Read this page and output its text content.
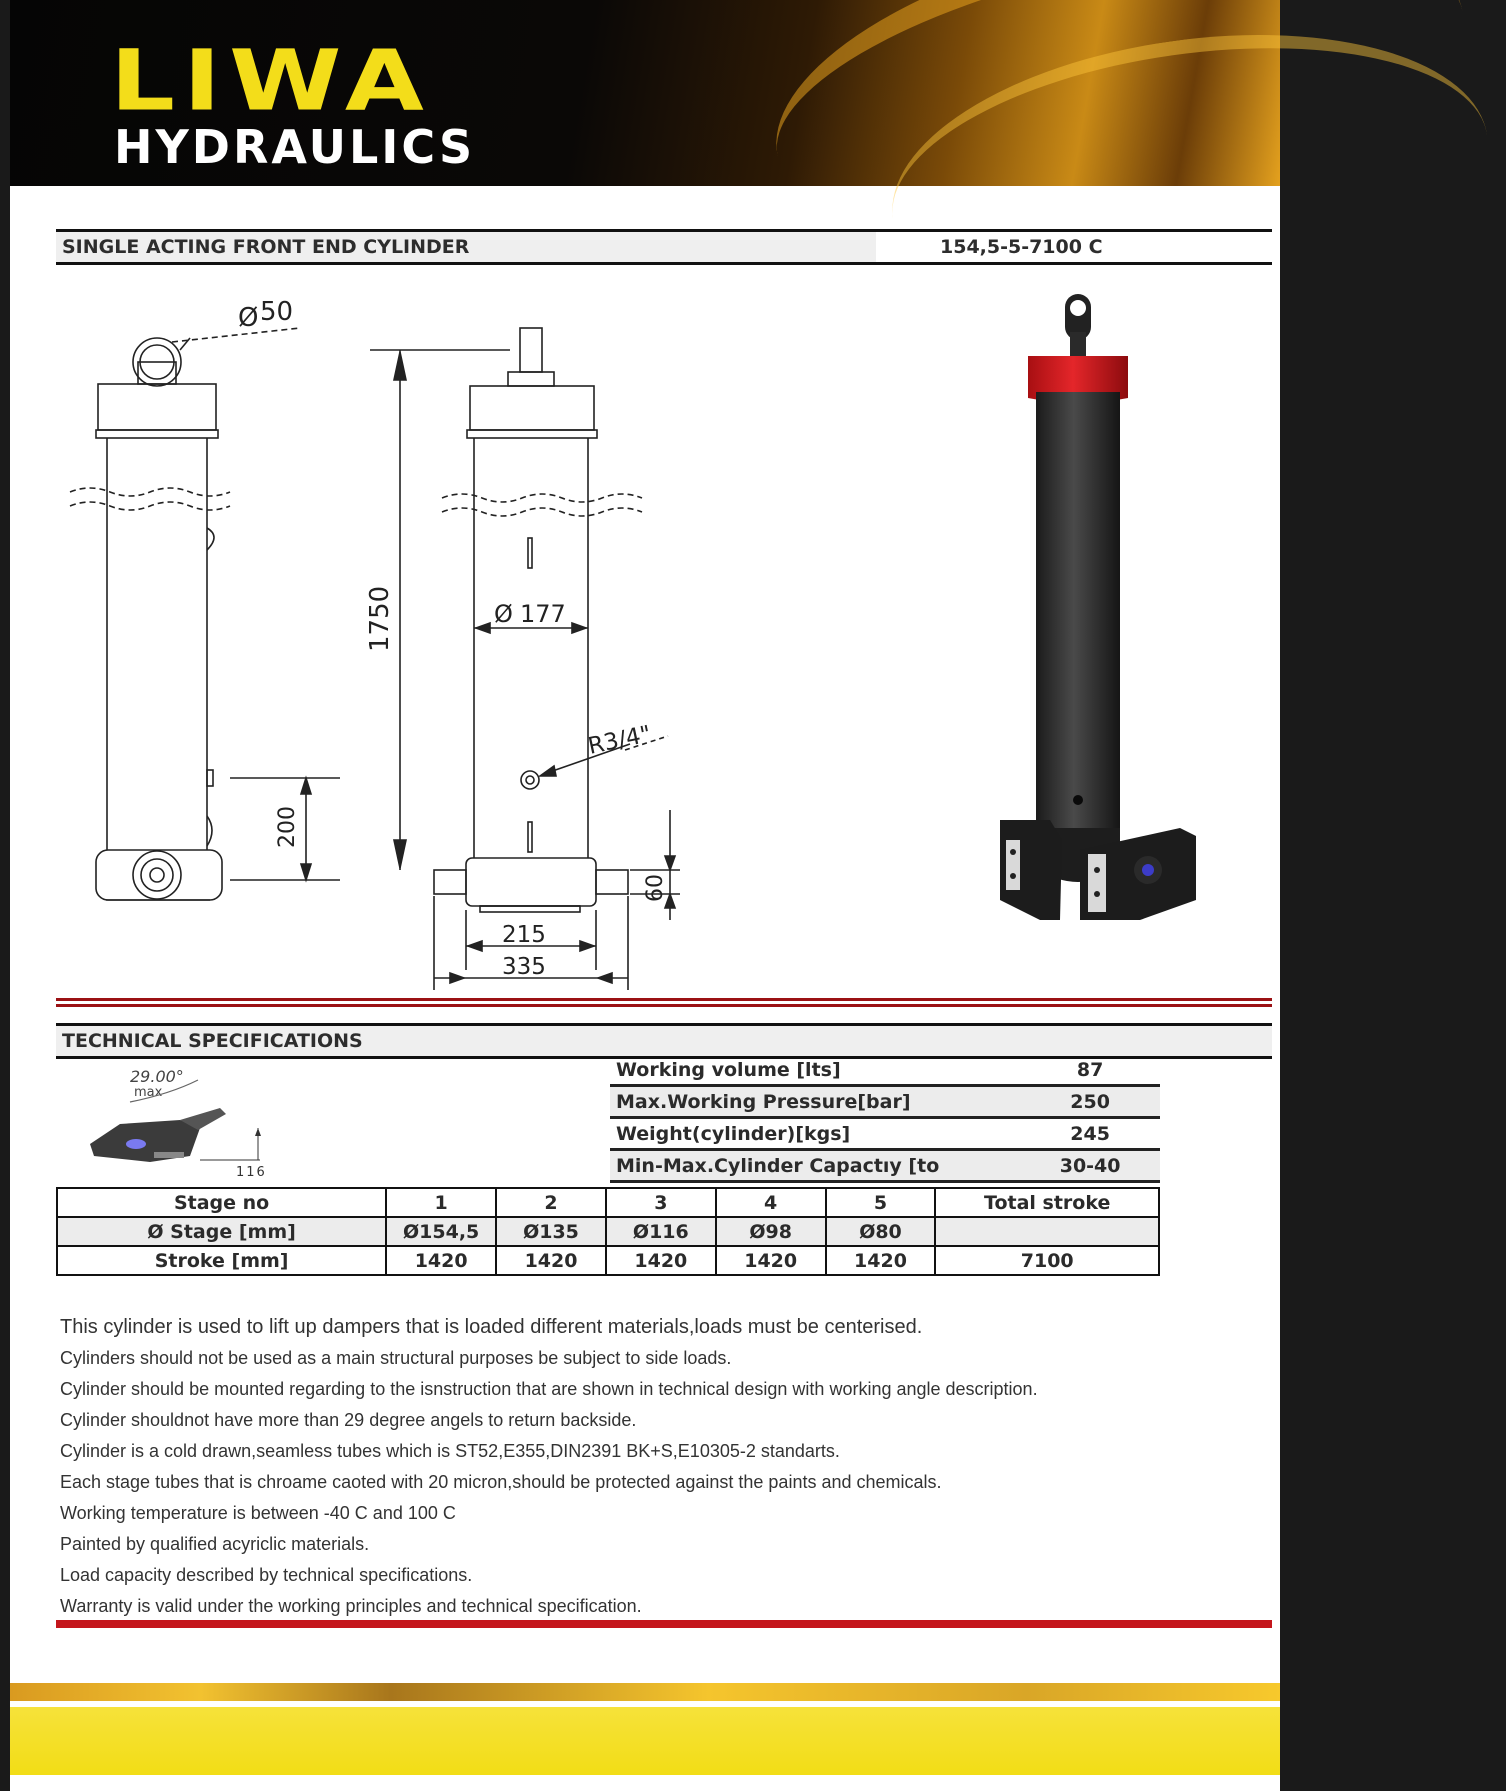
LIWA
HYDRAULICS
SINGLE ACTING FRONT END CYLINDER	154,5-5-7100 C
Ø 50
1750	Ø 177
R3/4"
200
60
215
335
TECHNICAL SPECIFICATIONS
29.00°
max
116
Working volume [lts]	87
Max.Working Pressure[bar]	250
Weight(cylinder)[kgs]	245
Min-Max.Cylinder Capactıy [to	30-40
Stage no	1	2	3	4	5	Total stroke
Ø Stage [mm]	Ø154,5	Ø135	Ø116	Ø98	Ø80	
Stroke [mm]	1420	1420	1420	1420	1420	7100
This cylinder is used to lift up dampers that is loaded different materials,loads must be centerised.
Cylinders should not be used as a main structural purposes be subject to side loads.
Cylinder should be mounted regarding to the isnstruction that are shown in technical design with working angle description.
Cylinder shouldnot have more than 29 degree angels to return backside.
Cylinder is a cold drawn,seamless tubes which is ST52,E355,DIN2391 BK+S,E10305-2 standarts.
Each stage tubes that is chroame caoted with 20 micron,should be protected against the paints and chemicals.
Working temperature is between -40 C and 100 C
Painted by qualified acyriclic materials.
Load capacity described by technical specifications.
Warranty is valid under the working principles and technical specification.
